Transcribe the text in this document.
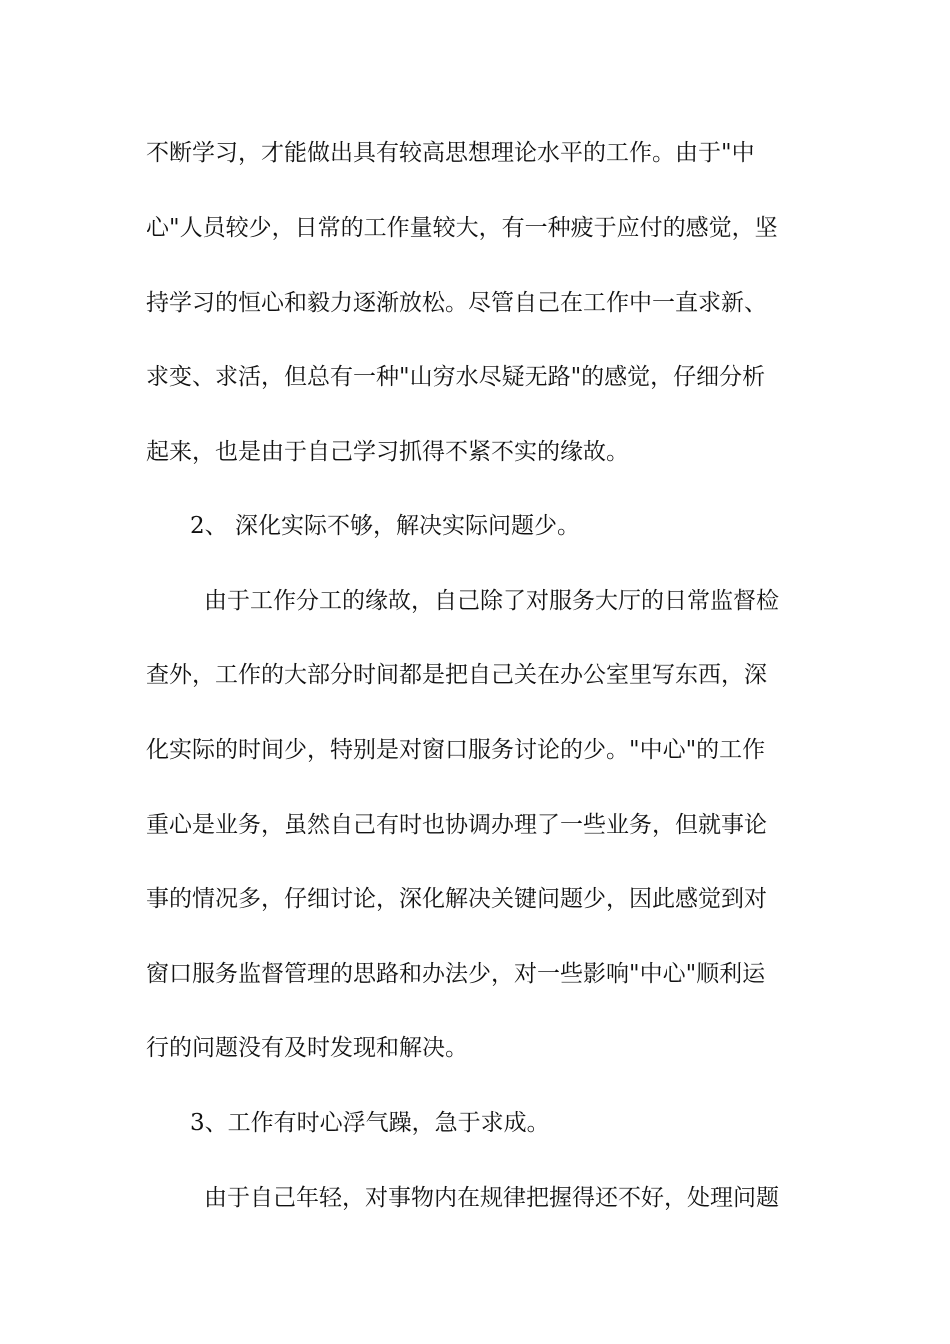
不断学习，才能做出具有较高思想理论水平的工作。由于"中
心"人员较少，日常的工作量较大，有一种疲于应付的感觉，坚
持学习的恒心和毅力逐渐放松。尽管自己在工作中一直求新、
求变、求活，但总有一种"山穷水尽疑无路"的感觉，仔细分析
起来，也是由于自己学习抓得不紧不实的缘故。
2、 深化实际不够，解决实际问题少。
由于工作分工的缘故，自己除了对服务大厅的日常监督检
查外，工作的大部分时间都是把自己关在办公室里写东西，深
化实际的时间少，特别是对窗口服务讨论的少。"中心"的工作
重心是业务，虽然自己有时也协调办理了一些业务，但就事论
事的情况多，仔细讨论，深化解决关键问题少，因此感觉到对
窗口服务监督管理的思路和办法少，对一些影响"中心"顺利运
行的问题没有及时发现和解决。
3、工作有时心浮气躁，急于求成。
由于自己年轻，对事物内在规律把握得还不好，处理问题
